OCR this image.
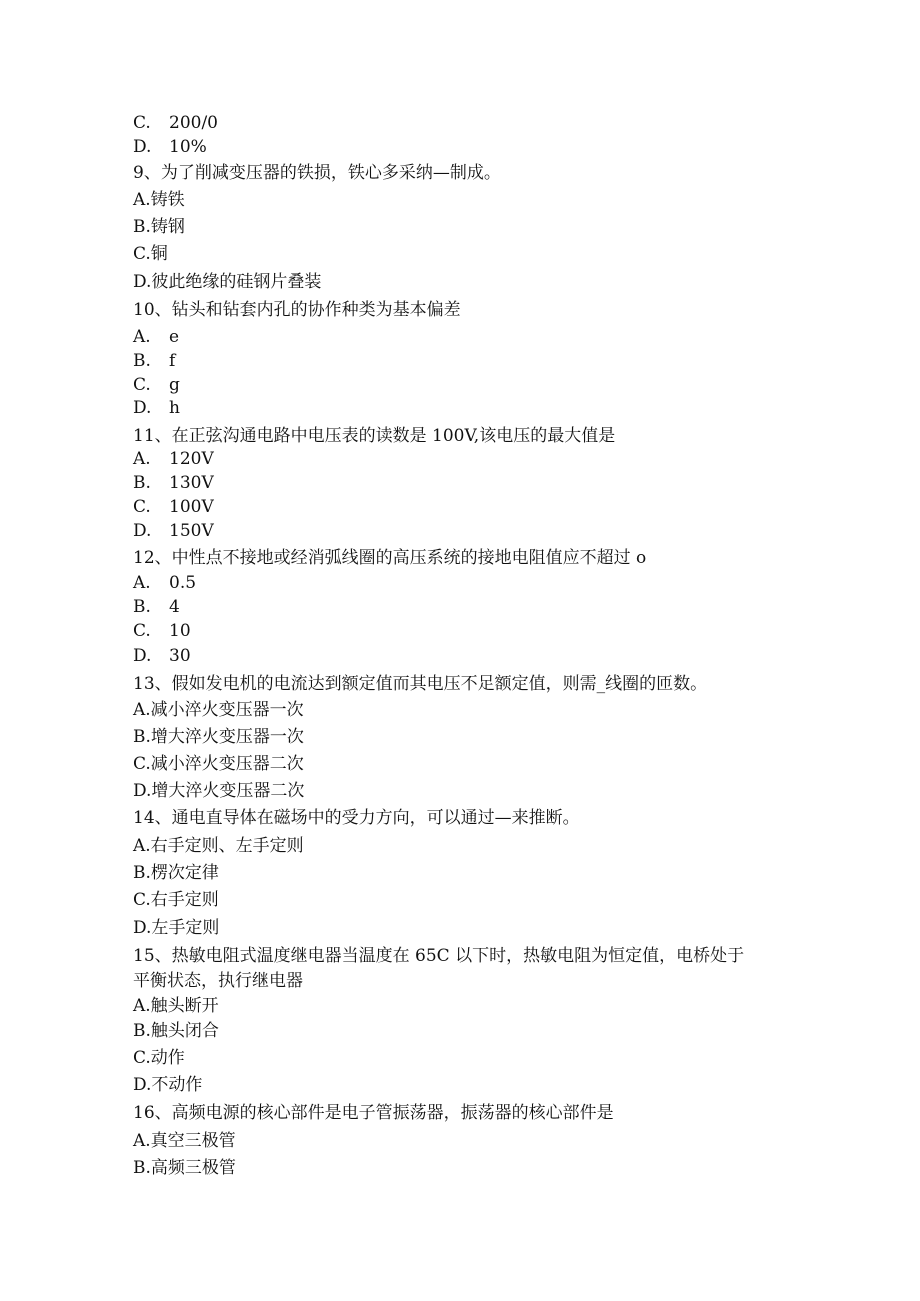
C. 200/0
D. 10%
9、为了削减变压器的铁损，铁心多采纳—制成。
A.铸铁
B.铸钢
C.铜
D.彼此绝缘的硅钢片叠装
10、钻头和钻套内孔的协作种类为基本偏差
A. e
B. f
C. g
D. h
11、在正弦沟通电路中电压表的读数是 100V,该电压的最大值是
A. 120V
B. 130V
C. 100V
D. 150V
12、中性点不接地或经消弧线圈的高压系统的接地电阻值应不超过 o
A. 0.5
B. 4
C. 10
D. 30
13、假如发电机的电流达到额定值而其电压不足额定值，则需_线圈的匝数。
A.减小淬火变压器一次
B.增大淬火变压器一次
C.减小淬火变压器二次
D.增大淬火变压器二次
14、通电直导体在磁场中的受力方向，可以通过—来推断。
A.右手定则、左手定则
B.楞次定律
C.右手定则
D.左手定则
15、热敏电阻式温度继电器当温度在 65C 以下时，热敏电阻为恒定值，电桥处于
平衡状态，执行继电器
A.触头断开
B.触头闭合
C.动作
D.不动作
16、高频电源的核心部件是电子管振荡器，振荡器的核心部件是
A.真空三极管
B.高频三极管
